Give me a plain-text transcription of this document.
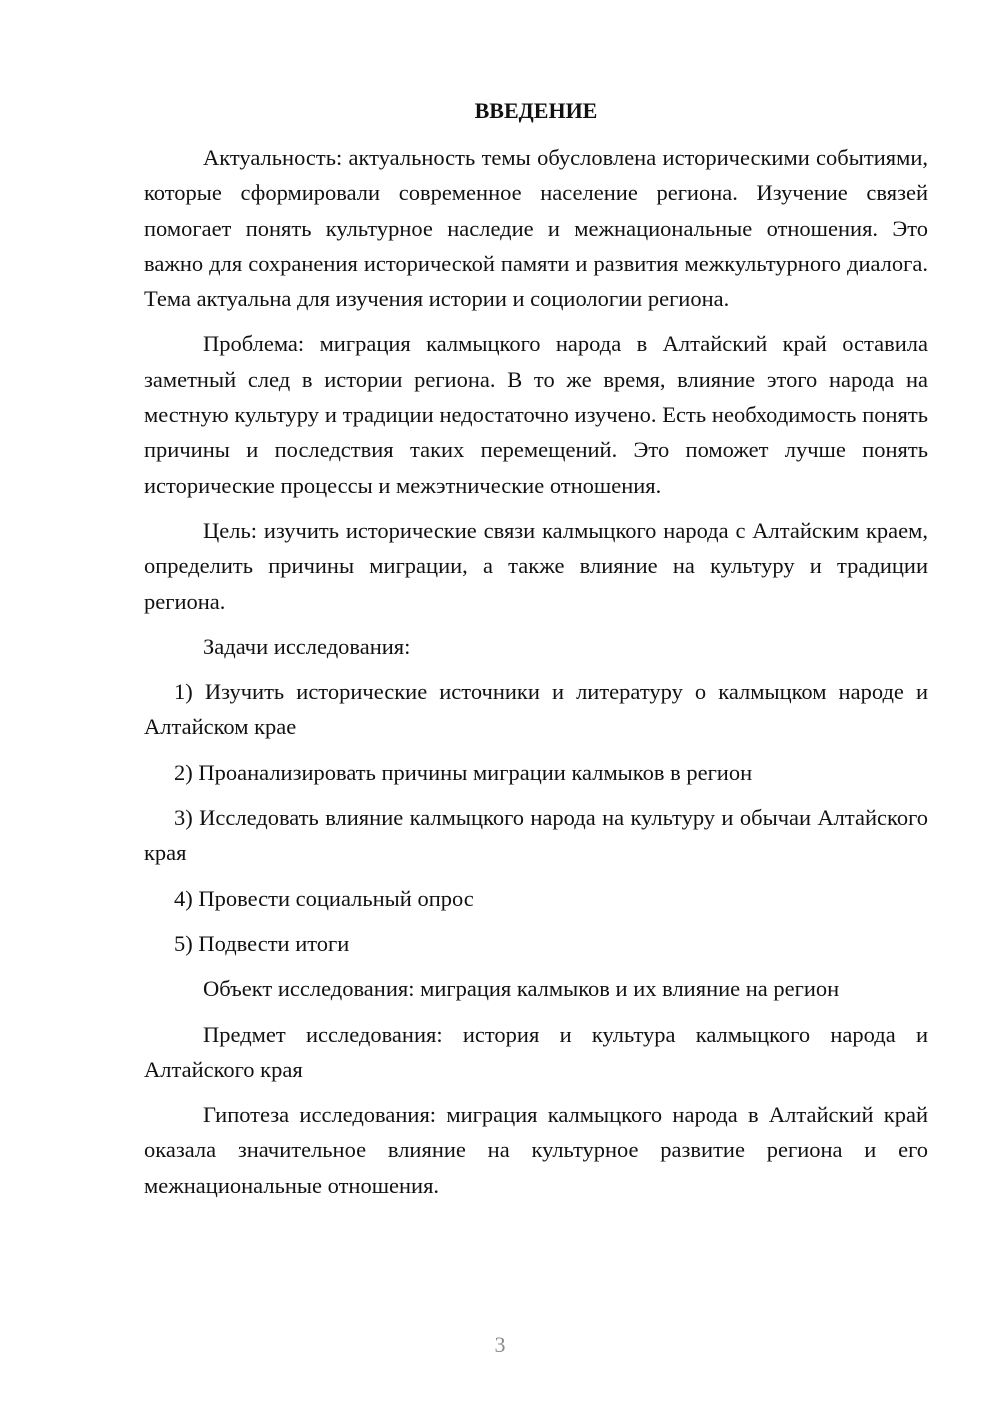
ВВЕДЕНИЕ

Актуальность: актуальность темы обусловлена историческими событиями, которые сформировали современное население региона. Изучение связей помогает понять культурное наследие и межнациональные отношения. Это важно для сохранения исторической памяти и развития межкультурного диалога. Тема актуальна для изучения истории и социологии региона.

Проблема: миграция калмыцкого народа в Алтайский край оставила заметный след в истории региона. В то же время, влияние этого народа на местную культуру и традиции недостаточно изучено. Есть необходимость понять причины и последствия таких перемещений. Это поможет лучше понять исторические процессы и межэтнические отношения.

Цель: изучить исторические связи калмыцкого народа с Алтайским краем, определить причины миграции, а также влияние на культуру и традиции региона.

Задачи исследования:

1) Изучить исторические источники и литературу о калмыцком народе и Алтайском крае

2) Проанализировать причины миграции калмыков в регион

3) Исследовать влияние калмыцкого народа на культуру и обычаи Алтайского края

4) Провести социальный опрос

5) Подвести итоги

Объект исследования: миграция калмыков и их влияние на регион

Предмет исследования: история и культура калмыцкого народа и Алтайского края

Гипотеза исследования: миграция калмыцкого народа в Алтайский край оказала значительное влияние на культурное развитие региона и его межнациональные отношения.

3
